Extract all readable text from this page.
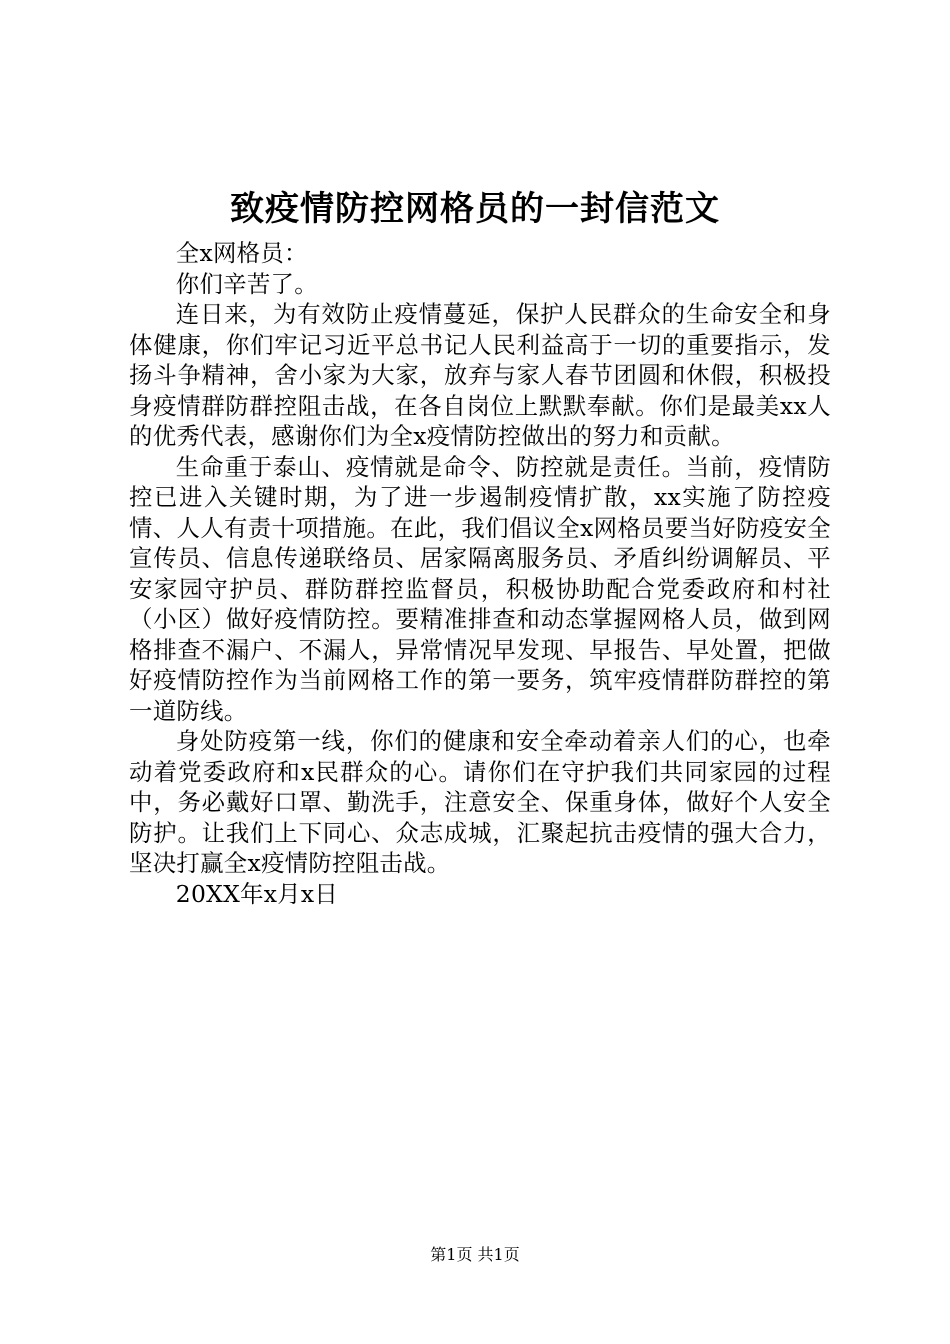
致疫情防控网格员的一封信范文

全x网格员：

你们辛苦了。

连日来，为有效防止疫情蔓延，保护人民群众的生命安全和身体健康，你们牢记习近平总书记人民利益高于一切的重要指示，发扬斗争精神，舍小家为大家，放弃与家人春节团圆和休假，积极投身疫情群防群控阻击战，在各自岗位上默默奉献。你们是最美xx人的优秀代表，感谢你们为全x疫情防控做出的努力和贡献。

生命重于泰山、疫情就是命令、防控就是责任。当前，疫情防控已进入关键时期，为了进一步遏制疫情扩散，xx实施了防控疫情、人人有责十项措施。在此，我们倡议全x网格员要当好防疫安全宣传员、信息传递联络员、居家隔离服务员、矛盾纠纷调解员、平安家园守护员、群防群控监督员，积极协助配合党委政府和村社（小区）做好疫情防控。要精准排查和动态掌握网格人员，做到网格排查不漏户、不漏人，异常情况早发现、早报告、早处置，把做好疫情防控作为当前网格工作的第一要务，筑牢疫情群防群控的第一道防线。

身处防疫第一线，你们的健康和安全牵动着亲人们的心，也牵动着党委政府和x民群众的心。请你们在守护我们共同家园的过程中，务必戴好口罩、勤洗手，注意安全、保重身体，做好个人安全防护。让我们上下同心、众志成城，汇聚起抗击疫情的强大合力，坚决打赢全x疫情防控阻击战。

20XX年x月x日

第1页 共1页
